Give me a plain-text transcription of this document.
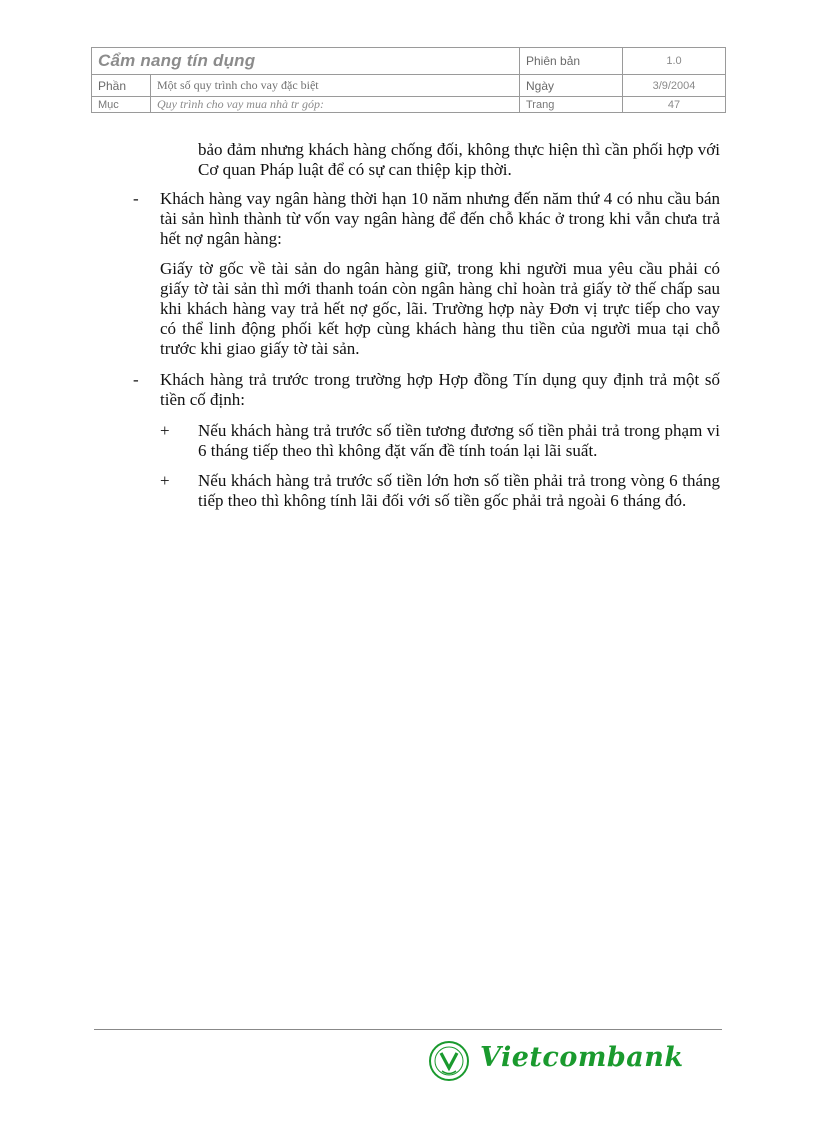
Cẩm nang tín dụng		Phiên bản	1.0
Phần	Một số quy trình cho vay đặc biệt	Ngày	3/9/2004
Mục	Quy trình cho vay mua nhà tr góp:	Trang	47

bảo đảm nhưng khách hàng chống đối, không thực hiện thì cần phối hợp với Cơ quan Pháp luật để có sự can thiệp kịp thời.

- Khách hàng vay ngân hàng thời hạn 10 năm nhưng đến năm thứ 4 có nhu cầu bán tài sản hình thành từ vốn vay ngân hàng để đến chỗ khác ở trong khi vẫn chưa trả hết nợ ngân hàng:

Giấy tờ gốc về tài sản do ngân hàng giữ, trong khi người mua yêu cầu phải có giấy tờ tài sản thì mới thanh toán còn ngân hàng chỉ hoàn trả giấy tờ thế chấp sau khi khách hàng vay trả hết nợ gốc, lãi. Trường hợp này Đơn vị trực tiếp cho vay có thể linh động phối kết hợp cùng khách hàng thu tiền của người mua tại chỗ trước khi giao giấy tờ tài sản.

- Khách hàng trả trước trong trường hợp Hợp đồng Tín dụng quy định trả một số tiền cố định:

+ Nếu khách hàng trả trước số tiền tương đương số tiền phải trả trong phạm vi 6 tháng tiếp theo thì không đặt vấn đề tính toán lại lãi suất.

+ Nếu khách hàng trả trước số tiền lớn hơn số tiền phải trả trong vòng 6 tháng tiếp theo thì không tính lãi đối với số tiền gốc phải trả ngoài 6 tháng đó.

Vietcombank
